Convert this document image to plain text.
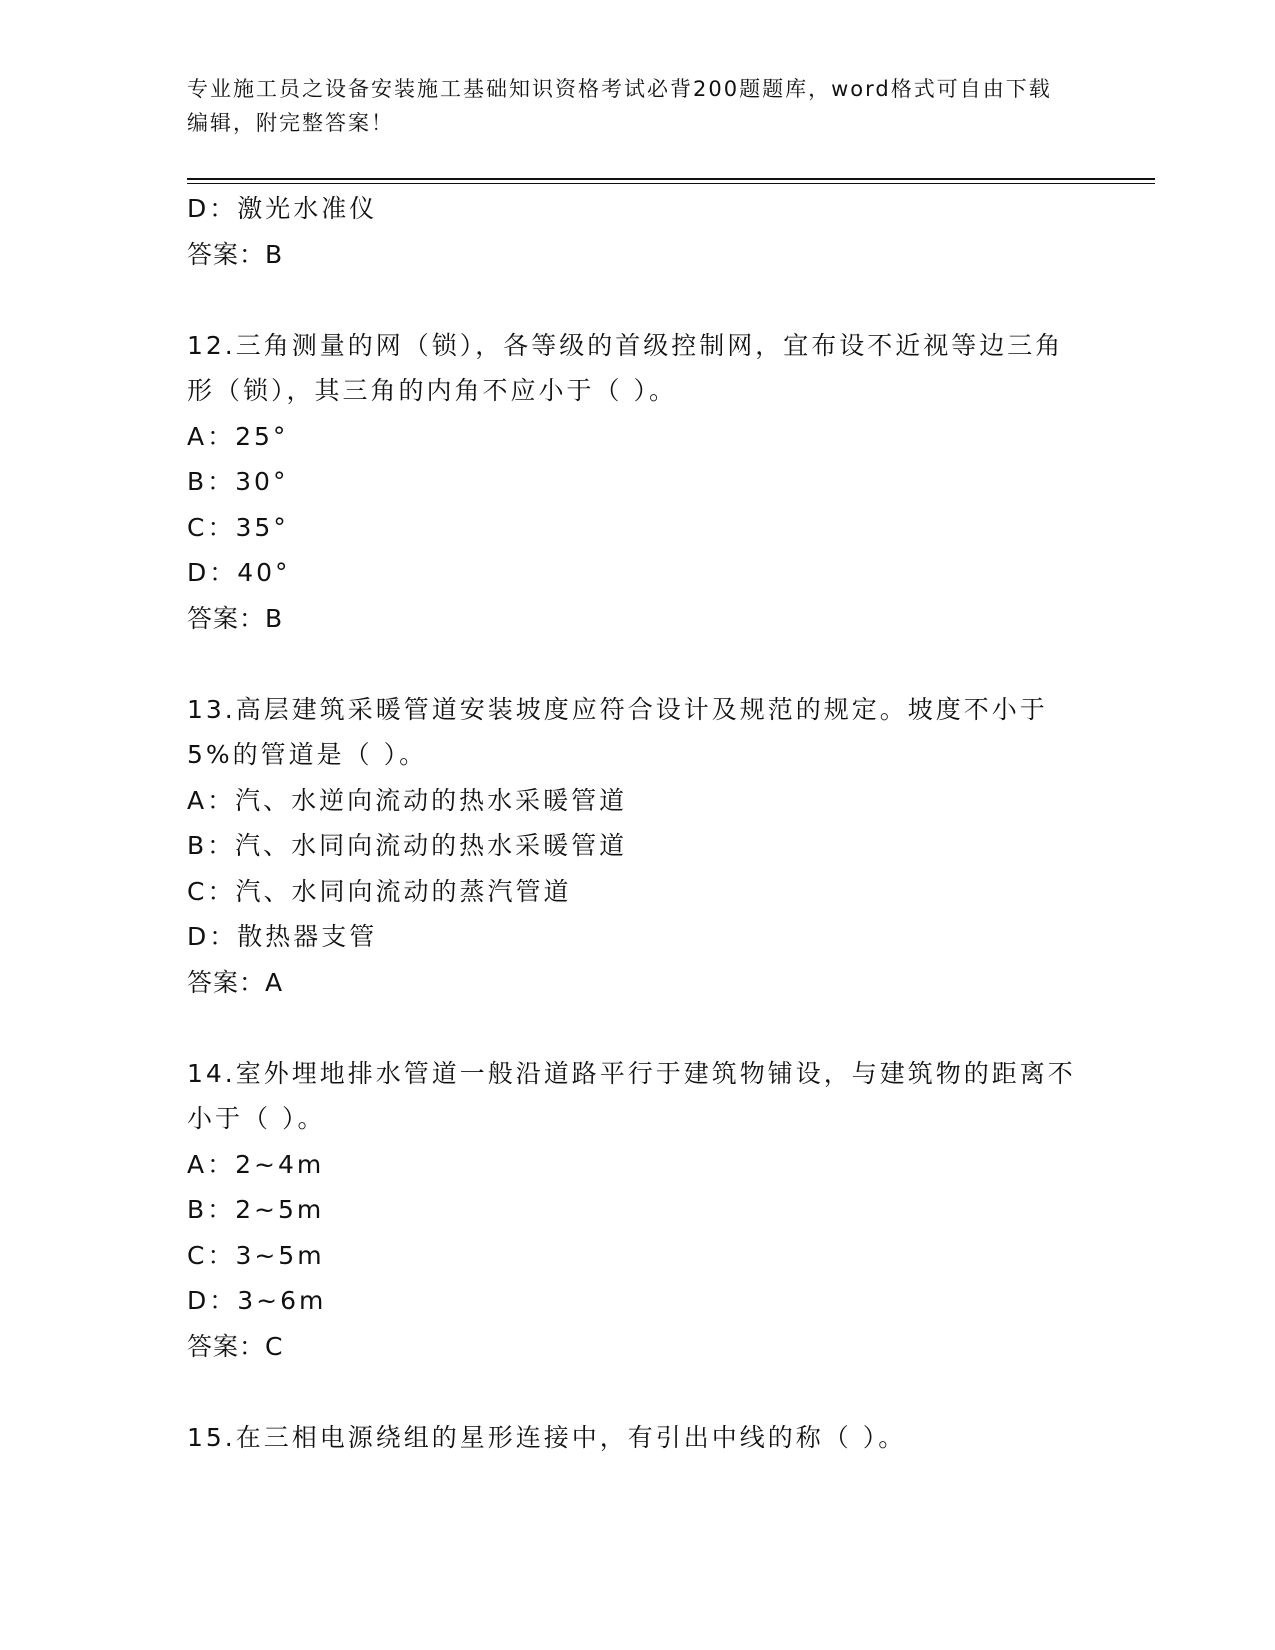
专业施工员之设备安装施工基础知识资格考试必背200题题库，word格式可自由下载编辑，附完整答案！
D：激光水准仪
答案：B
12.三角测量的网（锁），各等级的首级控制网，宜布设不近视等边三角形（锁），其三角的内角不应小于（ ）。
A：25°
B：30°
C：35°
D：40°
答案：B
13.高层建筑采暖管道安装坡度应符合设计及规范的规定。坡度不小于5%的管道是（ ）。
A：汽、水逆向流动的热水采暖管道
B：汽、水同向流动的热水采暖管道
C：汽、水同向流动的蒸汽管道
D：散热器支管
答案：A
14.室外埋地排水管道一般沿道路平行于建筑物铺设，与建筑物的距离不小于（ ）。
A：2~4m
B：2~5m
C：3~5m
D：3~6m
答案：C
15.在三相电源绕组的星形连接中，有引出中线的称（ ）。
